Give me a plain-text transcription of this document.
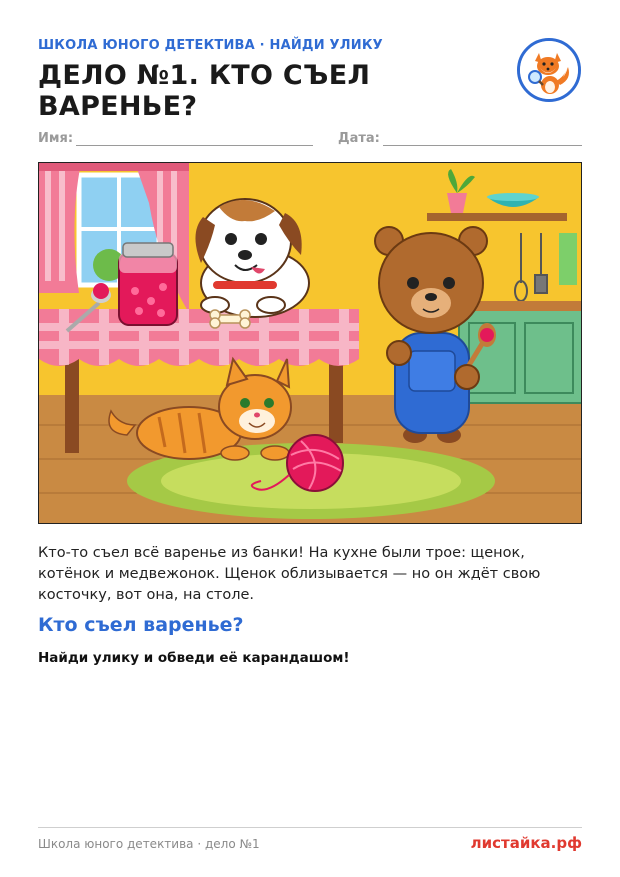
ШКОЛА ЮНОГО ДЕТЕКТИВА · НАЙДИ УЛИКУ
ДЕЛО №1. КТО СЪЕЛ ВАРЕНЬЕ?
Имя:	Дата:
Кто-то съел всё варенье из банки! На кухне были трое: щенок, котёнок и медвежонок. Щенок облизывается — но он ждёт свою косточку, вот она, на столе.
Кто съел варенье?
Найди улику и обведи её карандашом!
Школа юного детектива · дело №1	листайка.рф
